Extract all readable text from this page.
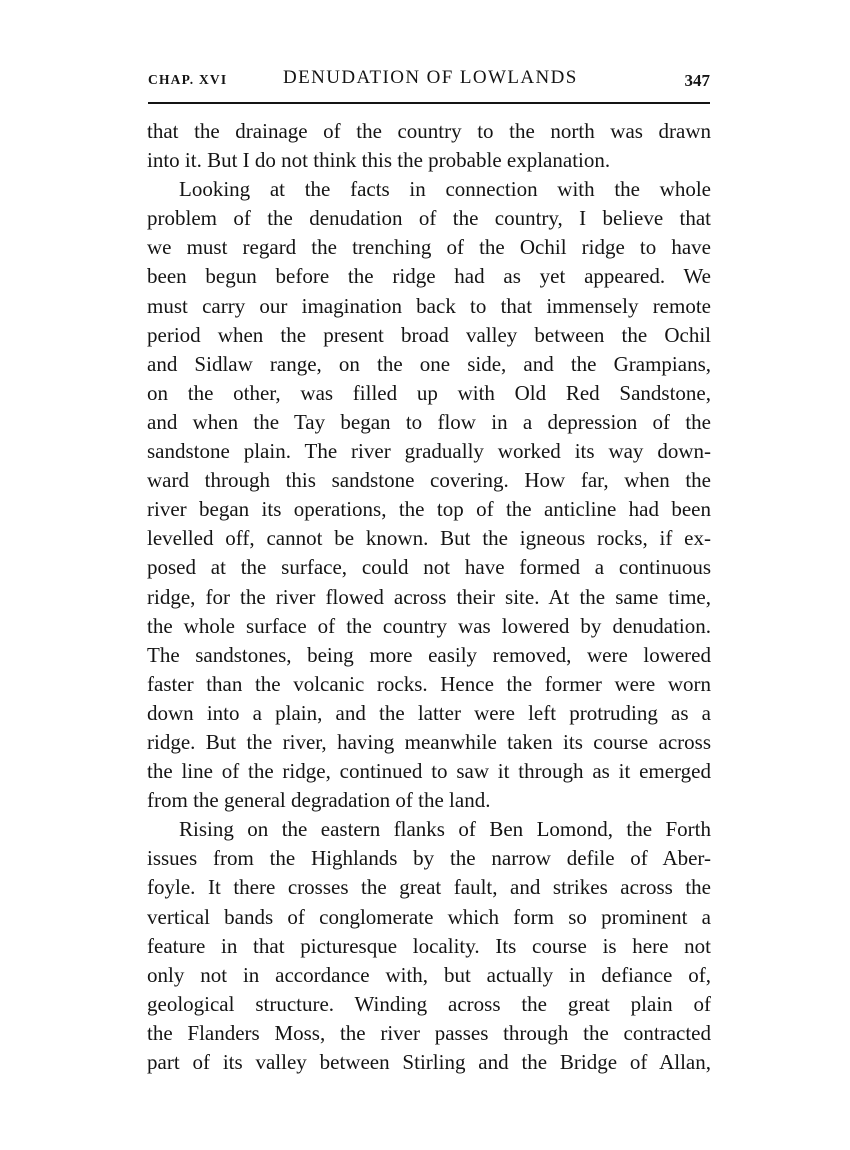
CHAP. XVI	DENUDATION OF LOWLANDS	347
that the drainage of the country to the north was drawn
into it. But I do not think this the probable explanation.
Looking at the facts in connection with the whole
problem of the denudation of the country, I believe that
we must regard the trenching of the Ochil ridge to have
been begun before the ridge had as yet appeared. We
must carry our imagination back to that immensely remote
period when the present broad valley between the Ochil
and Sidlaw range, on the one side, and the Grampians,
on the other, was filled up with Old Red Sandstone,
and when the Tay began to flow in a depression of the
sandstone plain. The river gradually worked its way down-
ward through this sandstone covering. How far, when the
river began its operations, the top of the anticline had been
levelled off, cannot be known. But the igneous rocks, if ex-
posed at the surface, could not have formed a continuous
ridge, for the river flowed across their site. At the same time,
the whole surface of the country was lowered by denudation.
The sandstones, being more easily removed, were lowered
faster than the volcanic rocks. Hence the former were worn
down into a plain, and the latter were left protruding as a
ridge. But the river, having meanwhile taken its course across
the line of the ridge, continued to saw it through as it emerged
from the general degradation of the land.
Rising on the eastern flanks of Ben Lomond, the Forth
issues from the Highlands by the narrow defile of Aber-
foyle. It there crosses the great fault, and strikes across the
vertical bands of conglomerate which form so prominent a
feature in that picturesque locality. Its course is here not
only not in accordance with, but actually in defiance of,
geological structure. Winding across the great plain of
the Flanders Moss, the river passes through the contracted
part of its valley between Stirling and the Bridge of Allan,
